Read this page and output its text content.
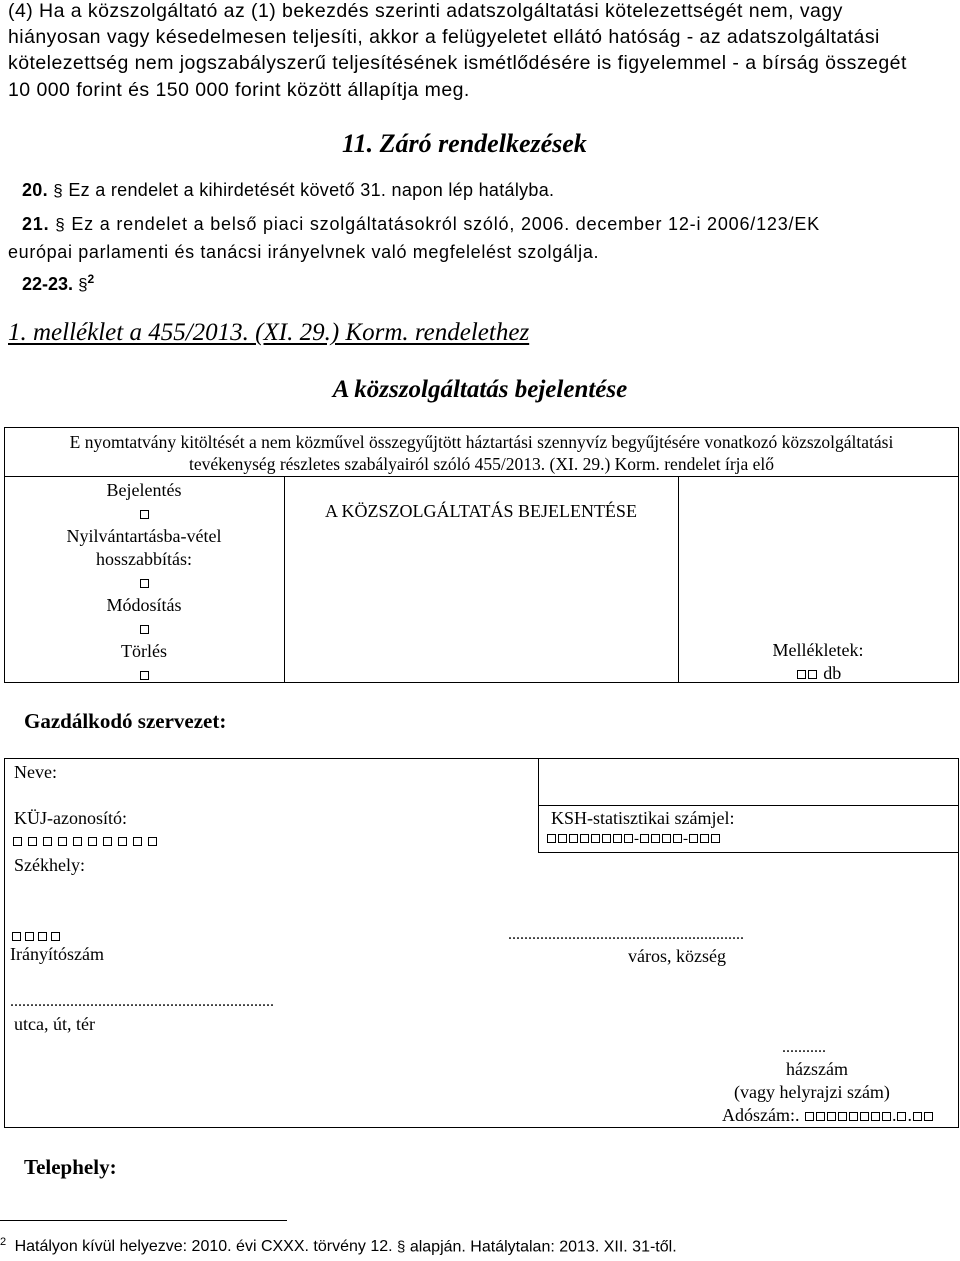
(4) Ha a közszolgáltató az (1) bekezdés szerinti adatszolgáltatási kötelezettségét nem, vagy
hiányosan vagy késedelmesen teljesíti, akkor a felügyeletet ellátó hatóság - az adatszolgáltatási
kötelezettség nem jogszabályszerű teljesítésének ismétlődésére is figyelemmel - a bírság összegét
10 000 forint és 150 000 forint között állapítja meg.
11. Záró rendelkezések
20. § Ez a rendelet a kihirdetését követő 31. napon lép hatályba.
21. § Ez a rendelet a belső piaci szolgáltatásokról szóló, 2006. december 12-i 2006/123/EK
európai parlamenti és tanácsi irányelvnek való megfelelést szolgálja.
22-23. §$^2$
1. melléklet a 455/2013. (XI. 29.) Korm. rendelethez
A közszolgáltatás bejelentése
E nyomtatvány kitöltését a nem közművel összegyűjtött háztartási szennyvíz begyűjtésére vonatkozó közszolgáltatási
tevékenység részletes szabályairól szóló 455/2013. (XI. 29.) Korm. rendelet írja elő
Bejelentés
Nyilvántartásba-vétel
hosszabbítás:
Módosítás
Törlés
A KÖZSZOLGÁLTATÁS BEJELENTÉSE
Mellékletek:
db
Gazdálkodó szervezet:
Neve:
KÜJ-azonosító:	KSH-statisztikai számjel:
-	-
Székhely:
Irányítószám
...........................................................
város, község
..................................................................
utca, út, tér
...........
házszám
(vagy helyrajzi szám)
Adószám:.	. .
Telephely:
$^2$ Hatályon kívül helyezve: 2010. évi CXXX. törvény 12. § alapján. Hatálytalan: 2013. XII. 31-től.
